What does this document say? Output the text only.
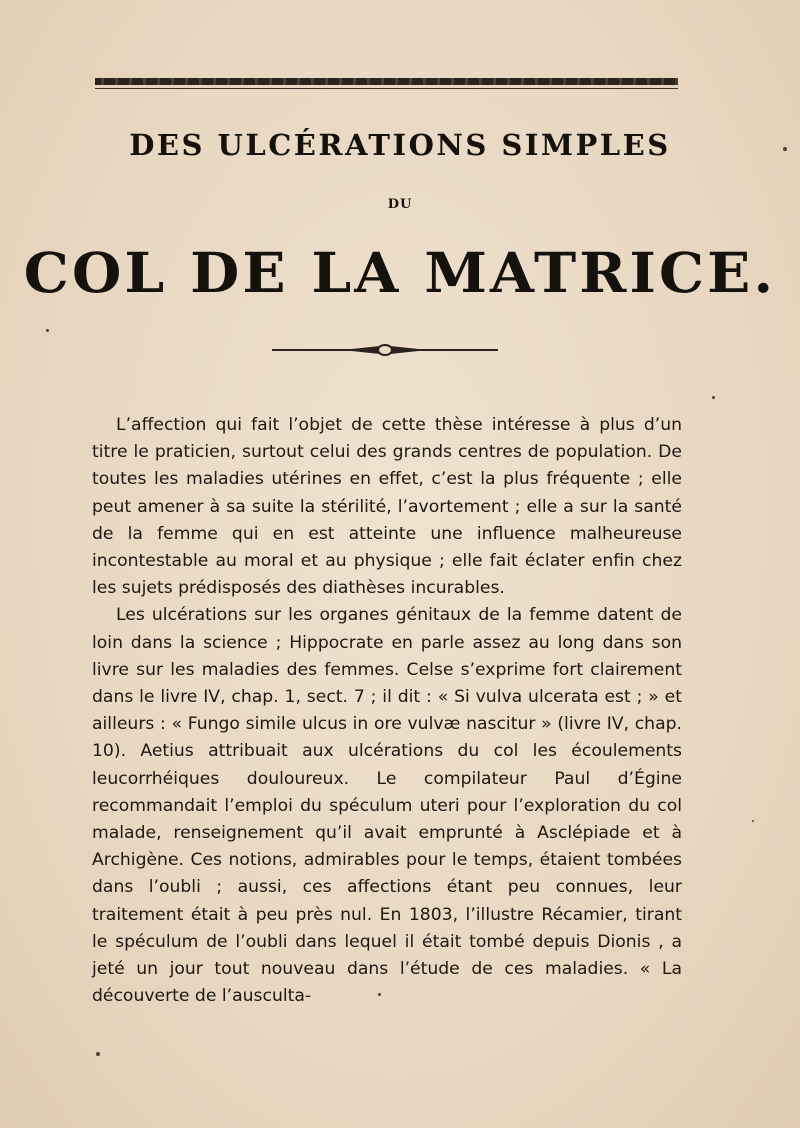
DES ULCÉRATIONS SIMPLES
DU
COL DE LA MATRICE.

L’affection qui fait l’objet de cette thèse intéresse à plus d’un titre le praticien, surtout celui des grands centres de population. De toutes les maladies utérines en effet, c’est la plus fréquente ; elle peut amener à sa suite la stérilité, l’avortement ; elle a sur la santé de la femme qui en est atteinte une influence malheureuse incontestable au moral et au physique ; elle fait éclater enfin chez les sujets prédisposés des diathèses incurables.

Les ulcérations sur les organes génitaux de la femme datent de loin dans la science ; Hippocrate en parle assez au long dans son livre sur les maladies des femmes. Celse s’exprime fort clairement dans le livre IV, chap. 1, sect. 7 ; il dit : « Si vulva ulcerata est ; » et ailleurs : « Fungo simile ulcus in ore vulvæ nascitur » (livre IV, chap. 10). Aetius attribuait aux ulcérations du col les écoulements leucorrhéiques douloureux. Le compilateur Paul d’Égine recommandait l’emploi du spéculum uteri pour l’exploration du col malade, renseignement qu’il avait emprunté à Asclépiade et à Archigène. Ces notions, admirables pour le temps, étaient tombées dans l’oubli ; aussi, ces affections étant peu connues, leur traitement était à peu près nul. En 1803, l’illustre Récamier, tirant le spéculum de l’oubli dans lequel il était tombé depuis Dionis , a jeté un jour tout nouveau dans l’étude de ces maladies. « La découverte de l’ausculta-
